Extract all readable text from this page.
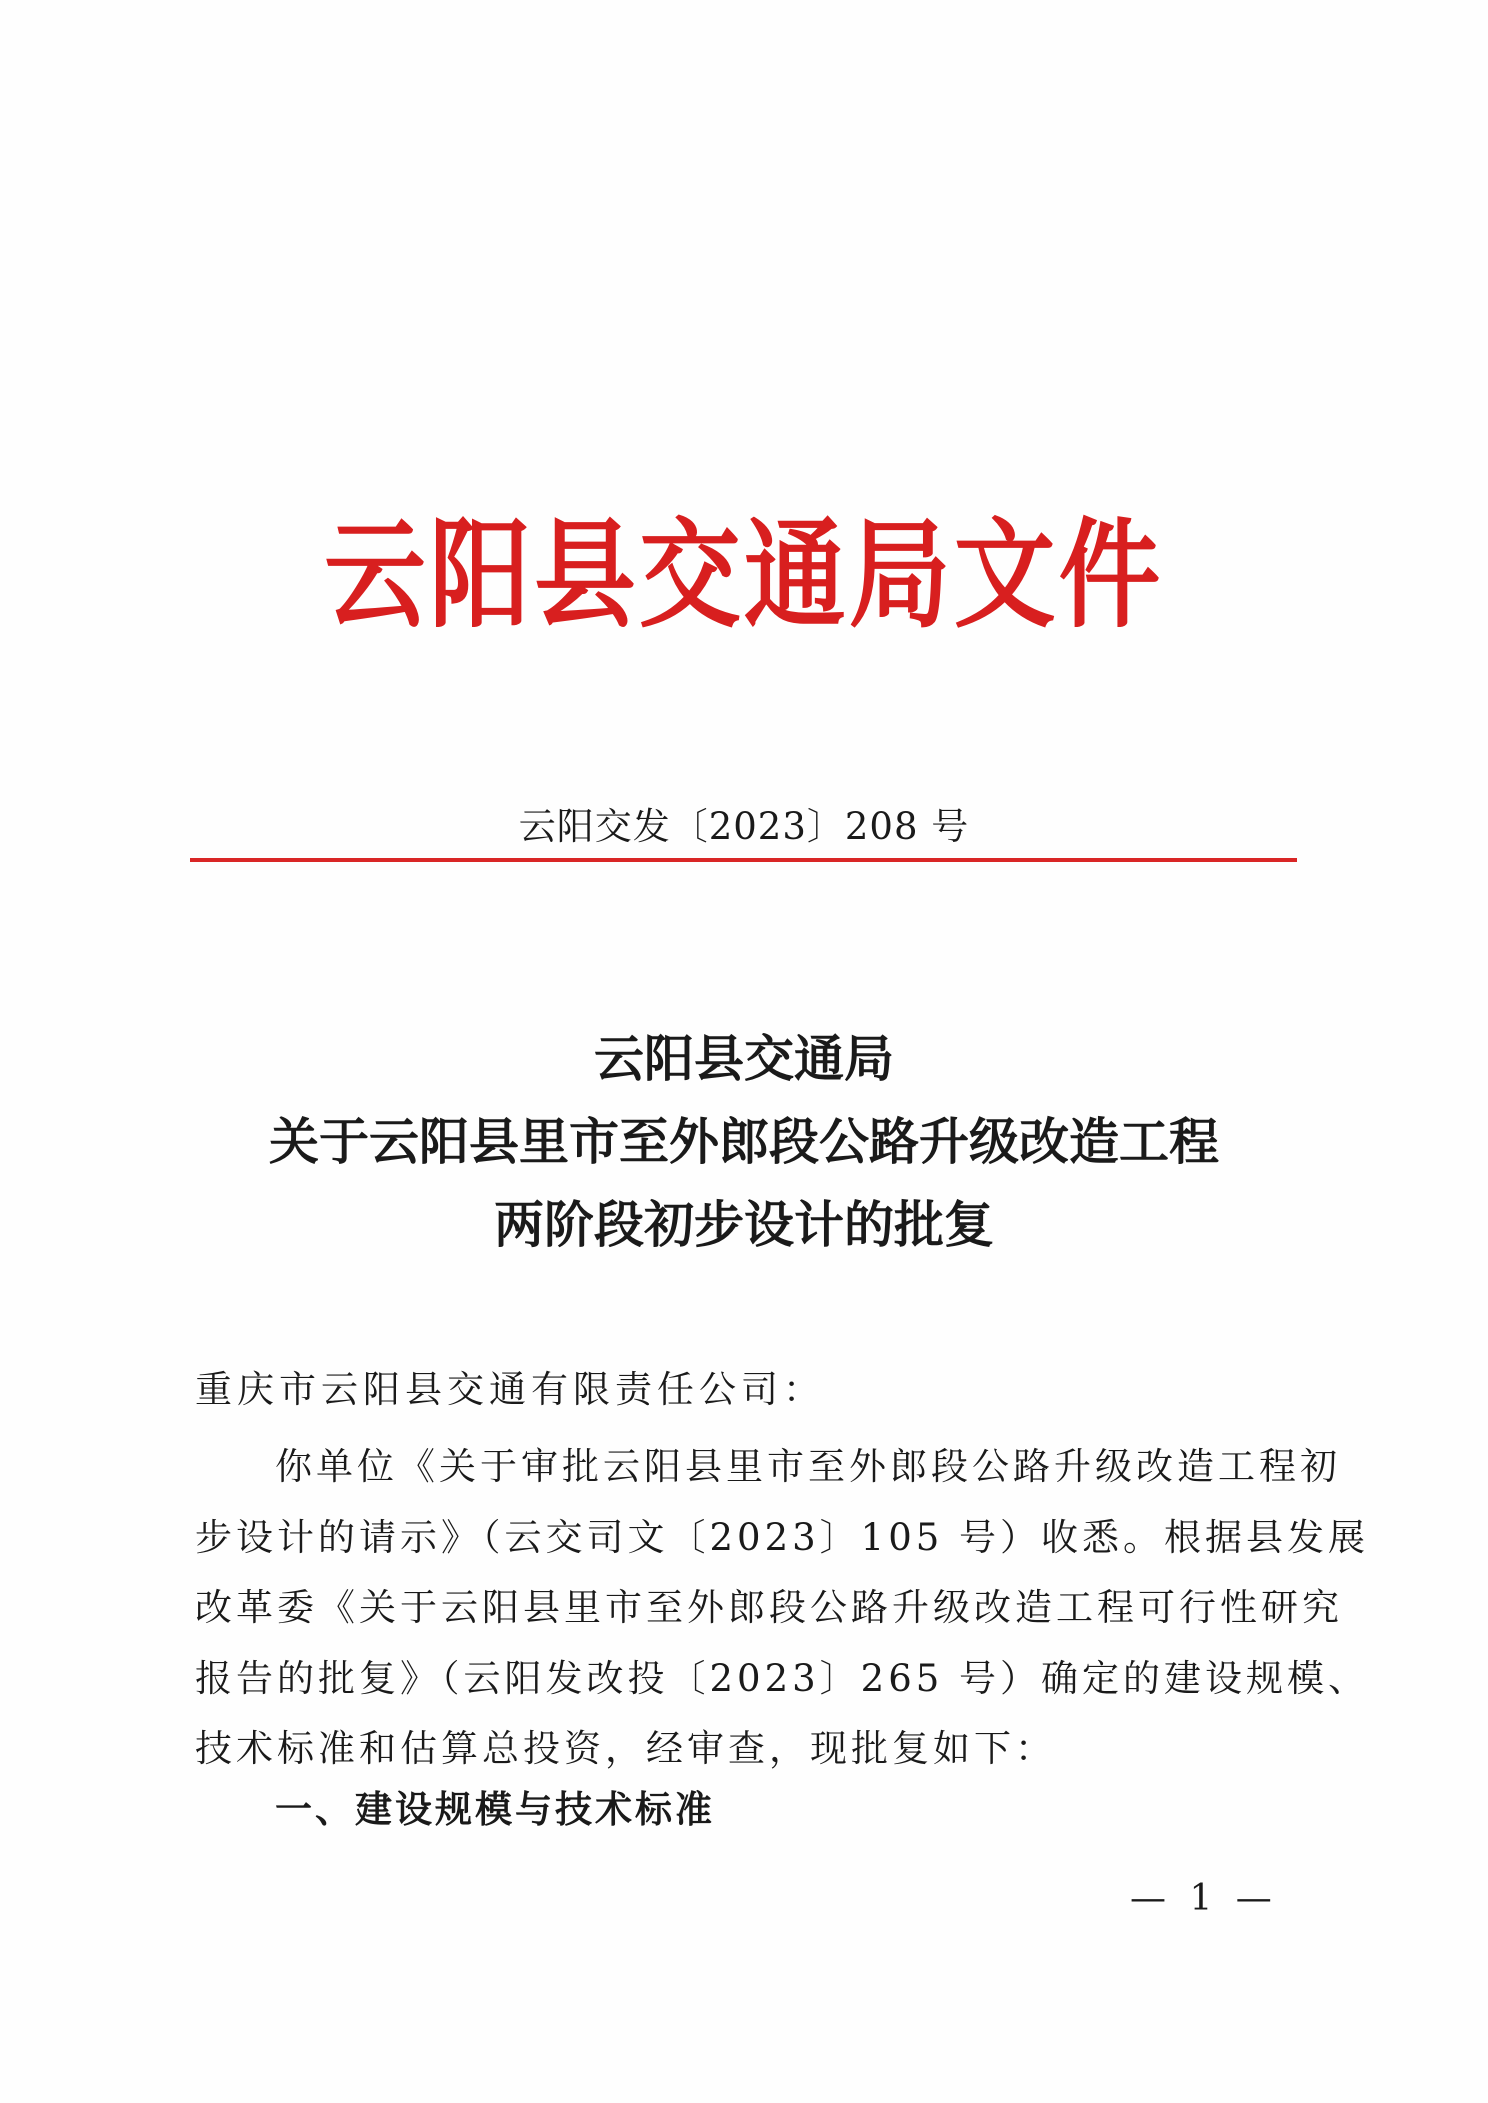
云阳县交通局文件
云阳交发〔2023〕208 号
云阳县交通局
关于云阳县里市至外郎段公路升级改造工程
两阶段初步设计的批复
重庆市云阳县交通有限责任公司：
你单位《关于审批云阳县里市至外郎段公路升级改造工程初
步设计的请示》（云交司文〔2023〕105 号）收悉。根据县发展
改革委《关于云阳县里市至外郎段公路升级改造工程可行性研究
报告的批复》（云阳发改投〔2023〕265 号）确定的建设规模、
技术标准和估算总投资，经审查，现批复如下：
一、建设规模与技术标准
— 1 —
